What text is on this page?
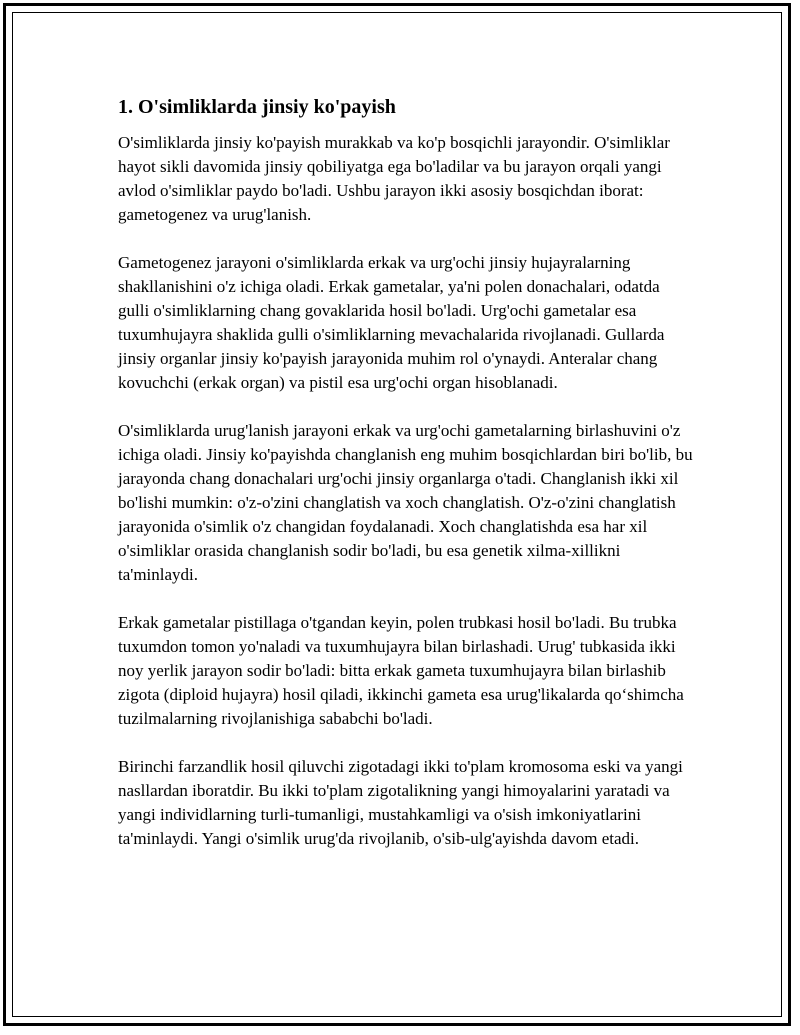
1. O'simliklarda jinsiy ko'payish

O'simliklarda jinsiy ko'payish murakkab va ko'p bosqichli jarayondir. O'simliklar hayot sikli davomida jinsiy qobiliyatga ega bo'ladilar va bu jarayon orqali yangi avlod o'simliklar paydo bo'ladi. Ushbu jarayon ikki asosiy bosqichdan iborat: gametogenez va urug'lanish.

Gametogenez jarayoni o'simliklarda erkak va urg'ochi jinsiy hujayralarning shakllanishini o'z ichiga oladi. Erkak gametalar, ya'ni polen donachalari, odatda gulli o'simliklarning chang govaklarida hosil bo'ladi. Urg'ochi gametalar esa tuxumhujayra shaklida gulli o'simliklarning mevachalarida rivojlanadi. Gullarda jinsiy organlar jinsiy ko'payish jarayonida muhim rol o'ynaydi. Anteralar chang kovuchchi (erkak organ) va pistil esa urg'ochi organ hisoblanadi.

O'simliklarda urug'lanish jarayoni erkak va urg'ochi gametalarning birlashuvini o'z ichiga oladi. Jinsiy ko'payishda changlanish eng muhim bosqichlardan biri bo'lib, bu jarayonda chang donachalari urg'ochi jinsiy organlarga o'tadi. Changlanish ikki xil bo'lishi mumkin: o'z-o'zini changlatish va xoch changlatish. O'z-o'zini changlatish jarayonida o'simlik o'z changidan foydalanadi. Xoch changlatishda esa har xil o'simliklar orasida changlanish sodir bo'ladi, bu esa genetik xilma-xillikni ta'minlaydi.

Erkak gametalar pistillaga o'tgandan keyin, polen trubkasi hosil bo'ladi. Bu trubka tuxumdon tomon yo'naladi va tuxumhujayra bilan birlashadi. Urug' tubkasida ikki noy yerlik jarayon sodir bo'ladi: bitta erkak gameta tuxumhujayra bilan birlashib zigota (diploid hujayra) hosil qiladi, ikkinchi gameta esa urug'likalarda qo‘shimcha tuzilmalarning rivojlanishiga sababchi bo'ladi.

Birinchi farzandlik hosil qiluvchi zigotadagi ikki to'plam kromosoma eski va yangi nasllardan iboratdir. Bu ikki to'plam zigotalikning yangi himoyalarini yaratadi va yangi individlarning turli-tumanligi, mustahkamligi va o'sish imkoniyatlarini ta'minlaydi. Yangi o'simlik urug'da rivojlanib, o'sib-ulg'ayishda davom etadi.
